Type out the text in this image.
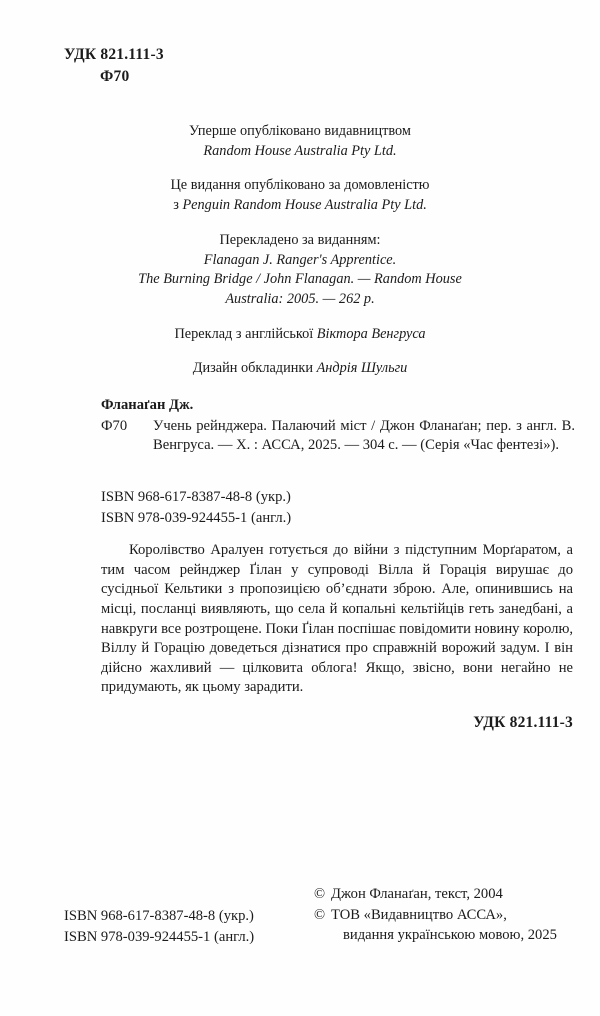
УДК 821.111-3
Ф70
Уперше опубліковано видавництвом
Random House Australia Pty Ltd.
Це видання опубліковано за домовленістю
з Penguin Random House Australia Pty Ltd.
Перекладено за виданням:
Flanagan J. Ranger's Apprentice.
The Burning Bridge / John Flanagan. — Random House
Australia: 2005. — 262 p.
Переклад з англійської Віктора Венгруса
Дизайн обкладинки Андрія Шульги
Фланаґан Дж.
Ф70 Учень рейнджера. Палаючий міст / Джон Фланаґан; пер. з англ. В. Венгруса. — Х. : АССА, 2025. — 304 с. — (Серія «Час фентезі»).
ISBN 968-617-8387-48-8 (укр.)
ISBN 978-039-924455-1 (англ.)
Королівство Аралуен готується до війни з підступним Морґаратом, а тим часом рейнджер Ґілан у супроводі Вілла й Горація вирушає до сусідньої Кельтики з пропозицією об’єднати зброю. Але, опинившись на місці, посланці виявляють, що села й копальні кельтійців геть занедбані, а навкруги все розтрощене. Поки Ґілан поспішає повідомити новину королю, Віллу й Горацію доведеться дізнатися про справжній ворожий задум. І він дійсно жахливий — цілковита облога! Якщо, звісно, вони негайно не придумають, як цьому зарадити.
УДК 821.111-3
ISBN 968-617-8387-48-8 (укр.)
ISBN 978-039-924455-1 (англ.)
© Джон Фланаґан, текст, 2004
© ТОВ «Видавництво АССА»,
видання українською мовою, 2025
